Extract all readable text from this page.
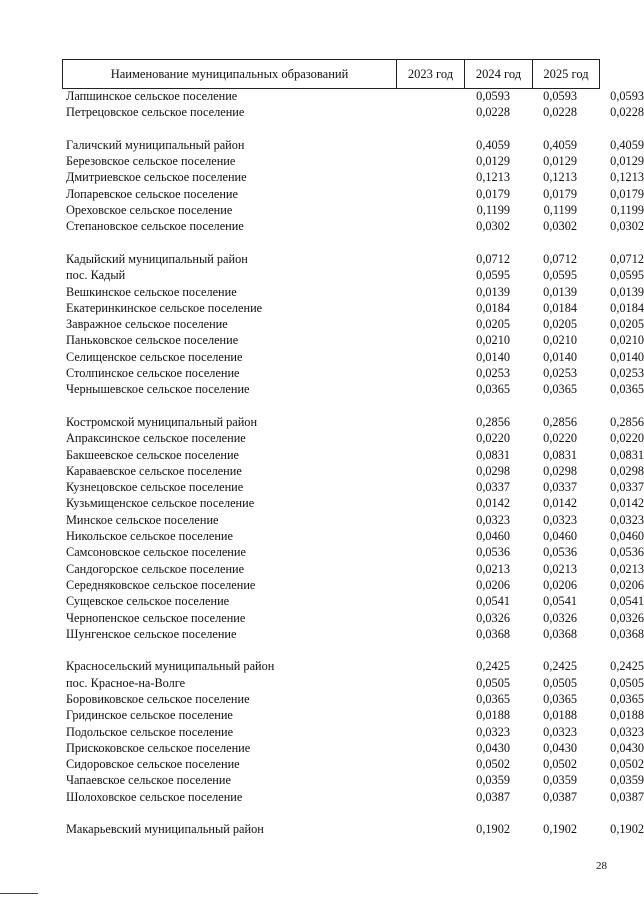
Наименование муниципальных образований	2023 год	2024 год	2025 год
Лапшинское сельское поселение	0,0593	0,0593	0,0593
Петрецовское сельское поселение	0,0228	0,0228	0,0228
Галичский муниципальный район	0,4059	0,4059	0,4059
Березовское сельское поселение	0,0129	0,0129	0,0129
Дмитриевское сельское поселение	0,1213	0,1213	0,1213
Лопаревское сельское поселение	0,0179	0,0179	0,0179
Ореховское сельское поселение	0,1199	0,1199	0,1199
Степановское сельское поселение	0,0302	0,0302	0,0302
Кадыйский муниципальный район	0,0712	0,0712	0,0712
пос. Кадый	0,0595	0,0595	0,0595
Вешкинское сельское поселение	0,0139	0,0139	0,0139
Екатеринкинское сельское поселение	0,0184	0,0184	0,0184
Завражное сельское поселение	0,0205	0,0205	0,0205
Паньковское сельское поселение	0,0210	0,0210	0,0210
Селищенское сельское поселение	0,0140	0,0140	0,0140
Столпинское сельское поселение	0,0253	0,0253	0,0253
Чернышевское сельское поселение	0,0365	0,0365	0,0365
Костромской муниципальный район	0,2856	0,2856	0,2856
Апраксинское сельское поселение	0,0220	0,0220	0,0220
Бакшеевское сельское поселение	0,0831	0,0831	0,0831
Караваевское сельское поселение	0,0298	0,0298	0,0298
Кузнецовское сельское поселение	0,0337	0,0337	0,0337
Кузьмищенское сельское поселение	0,0142	0,0142	0,0142
Минское сельское поселение	0,0323	0,0323	0,0323
Никольское сельское поселение	0,0460	0,0460	0,0460
Самсоновское сельское поселение	0,0536	0,0536	0,0536
Сандогорское сельское поселение	0,0213	0,0213	0,0213
Середняковское сельское поселение	0,0206	0,0206	0,0206
Сущевское сельское поселение	0,0541	0,0541	0,0541
Чернопенское сельское поселение	0,0326	0,0326	0,0326
Шунгенское сельское поселение	0,0368	0,0368	0,0368
Красносельский муниципальный район	0,2425	0,2425	0,2425
пос. Красное-на-Волге	0,0505	0,0505	0,0505
Боровиковское сельское поселение	0,0365	0,0365	0,0365
Гридинское сельское поселение	0,0188	0,0188	0,0188
Подольское сельское поселение	0,0323	0,0323	0,0323
Прискоковское сельское поселение	0,0430	0,0430	0,0430
Сидоровское сельское поселение	0,0502	0,0502	0,0502
Чапаевское сельское поселение	0,0359	0,0359	0,0359
Шолоховское сельское поселение	0,0387	0,0387	0,0387
Макарьевский муниципальный район	0,1902	0,1902	0,1902
28
